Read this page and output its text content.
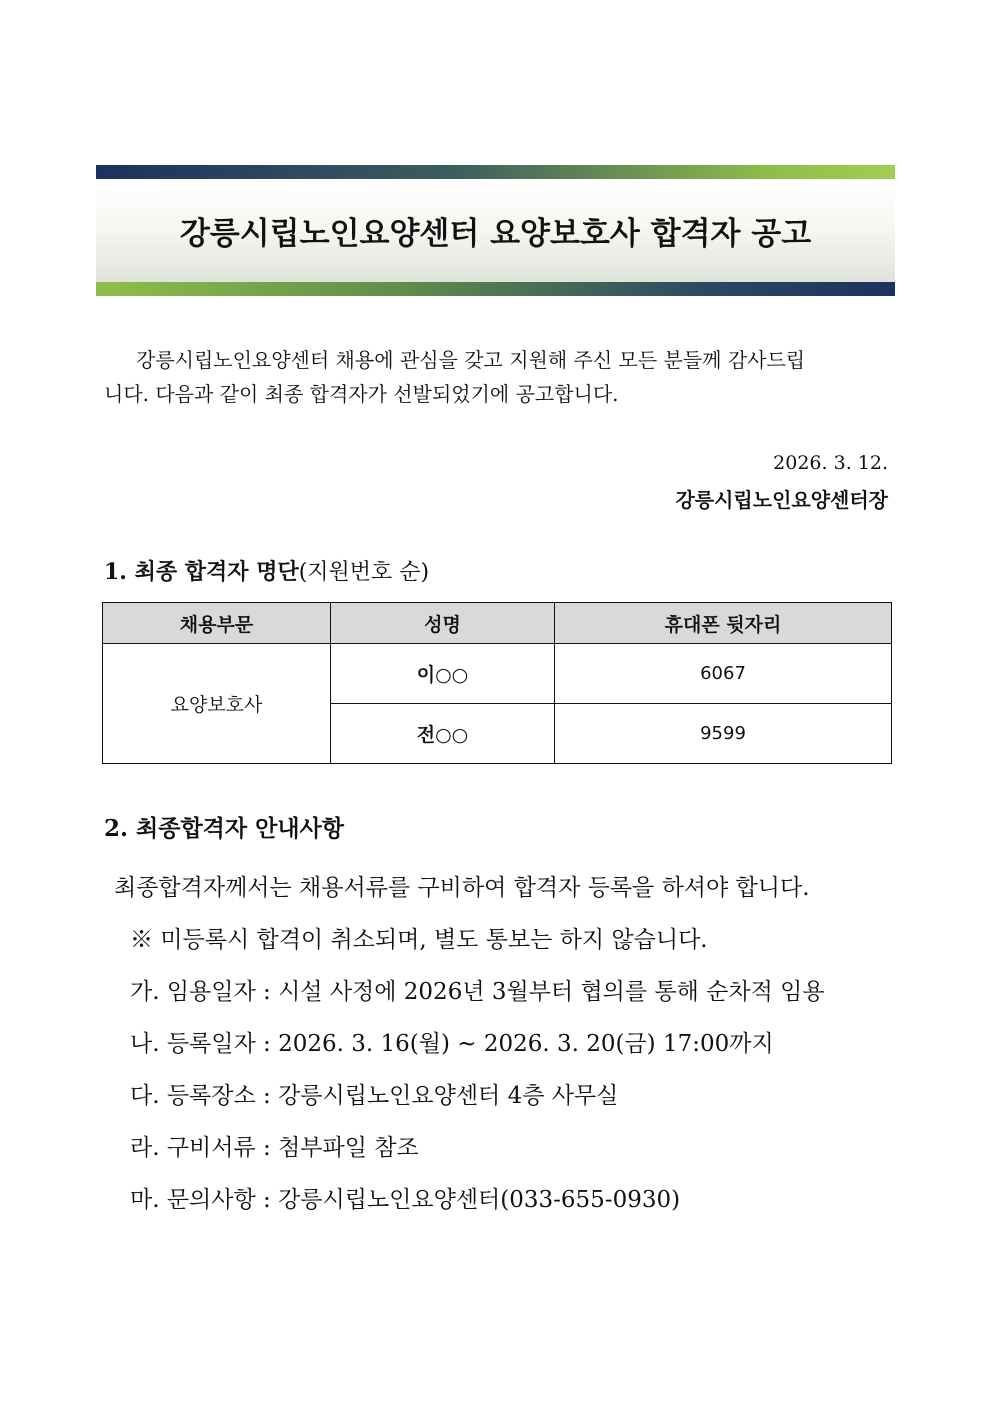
강릉시립노인요양센터 요양보호사 합격자 공고
강릉시립노인요양센터 채용에 관심을 갖고 지원해 주신 모든 분들께 감사드립
니다. 다음과 같이 최종 합격자가 선발되었기에 공고합니다.
2026. 3. 12.
강릉시립노인요양센터장
1. 최종 합격자 명단(지원번호 순)
채용부문	성명	휴대폰 뒷자리
요양보호사	이○○	6067
	전○○	9599
2. 최종합격자 안내사항
최종합격자께서는 채용서류를 구비하여 합격자 등록을 하셔야 합니다.
※ 미등록시 합격이 취소되며, 별도 통보는 하지 않습니다.
가. 임용일자 : 시설 사정에 2026년 3월부터 협의를 통해 순차적 임용
나. 등록일자 : 2026. 3. 16(월) ~ 2026. 3. 20(금) 17:00까지
다. 등록장소 : 강릉시립노인요양센터 4층 사무실
라. 구비서류 : 첨부파일 참조
마. 문의사항 : 강릉시립노인요양센터(033-655-0930)
